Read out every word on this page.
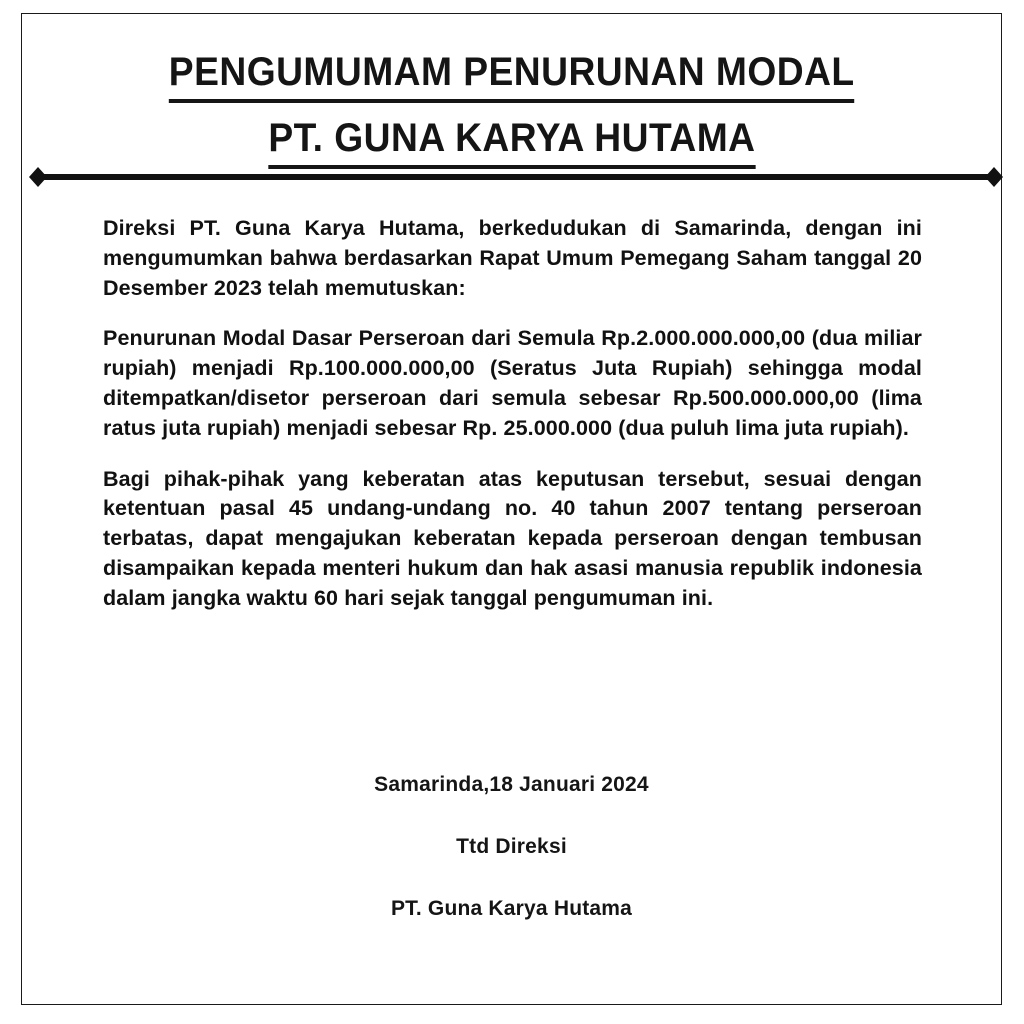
PENGUMUMAM PENURUNAN MODAL
PT. GUNA KARYA HUTAMA

Direksi PT. Guna Karya Hutama, berkedudukan di Samarinda, dengan ini mengumumkan bahwa berdasarkan Rapat Umum Pemegang Saham tanggal 20 Desember 2023 telah memutuskan:

Penurunan Modal Dasar Perseroan dari Semula Rp.2.000.000.000,00 (dua miliar rupiah) menjadi Rp.100.000.000,00 (Seratus Juta Rupiah) sehingga modal ditempatkan/disetor perseroan dari semula sebesar Rp.500.000.000,00 (lima ratus juta rupiah) menjadi sebesar Rp. 25.000.000 (dua puluh lima juta rupiah).

Bagi pihak-pihak yang keberatan atas keputusan tersebut, sesuai dengan ketentuan pasal 45 undang-undang no. 40 tahun 2007 tentang perseroan terbatas, dapat mengajukan keberatan kepada perseroan dengan tembusan disampaikan kepada menteri hukum dan hak asasi manusia republik indonesia dalam jangka waktu 60 hari sejak tanggal pengumuman ini.

Samarinda,18 Januari 2024

Ttd Direksi

PT. Guna Karya Hutama
